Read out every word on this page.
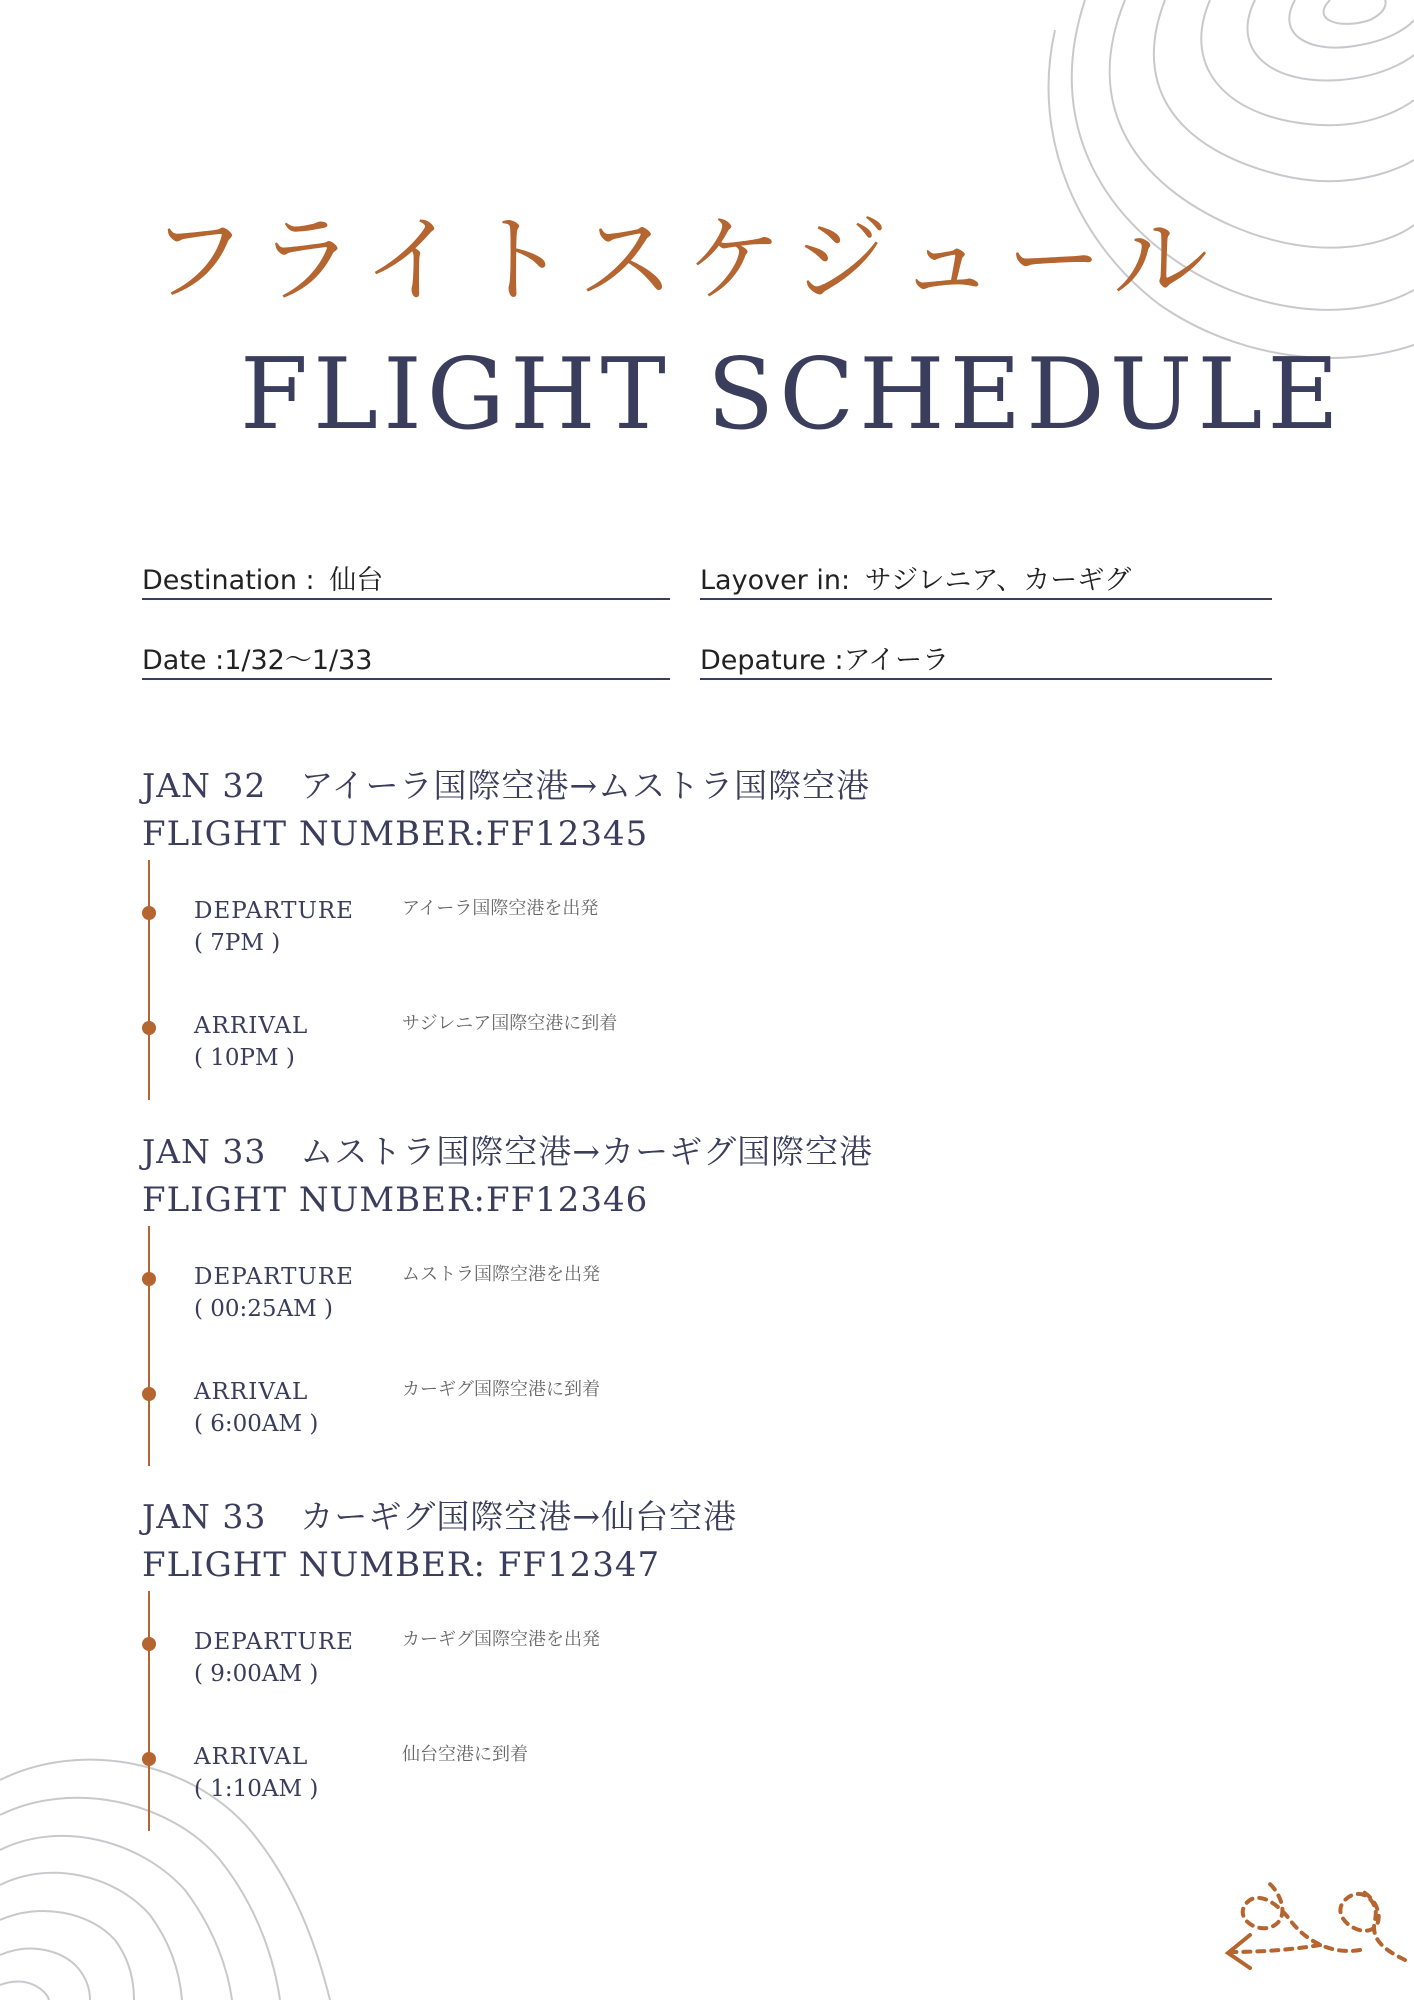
フライトスケジュール
FLIGHT SCHEDULE
Destination : 仙台	Layover in: サジレニア、カーギグ
Date :1/32〜1/33	Depature :アイーラ
JAN 32　アイーラ国際空港→ムストラ国際空港
FLIGHT NUMBER:FF12345
DEPARTURE
( 7PM )
アイーラ国際空港を出発
ARRIVAL
( 10PM )
サジレニア国際空港に到着
JAN 33　ムストラ国際空港→カーギグ国際空港
FLIGHT NUMBER:FF12346
DEPARTURE
( 00:25AM )
ムストラ国際空港を出発
ARRIVAL
( 6:00AM )
カーギグ国際空港に到着
JAN 33　カーギグ国際空港→仙台空港
FLIGHT NUMBER: FF12347
DEPARTURE
( 9:00AM )
カーギグ国際空港を出発
ARRIVAL
( 1:10AM )
仙台空港に到着
